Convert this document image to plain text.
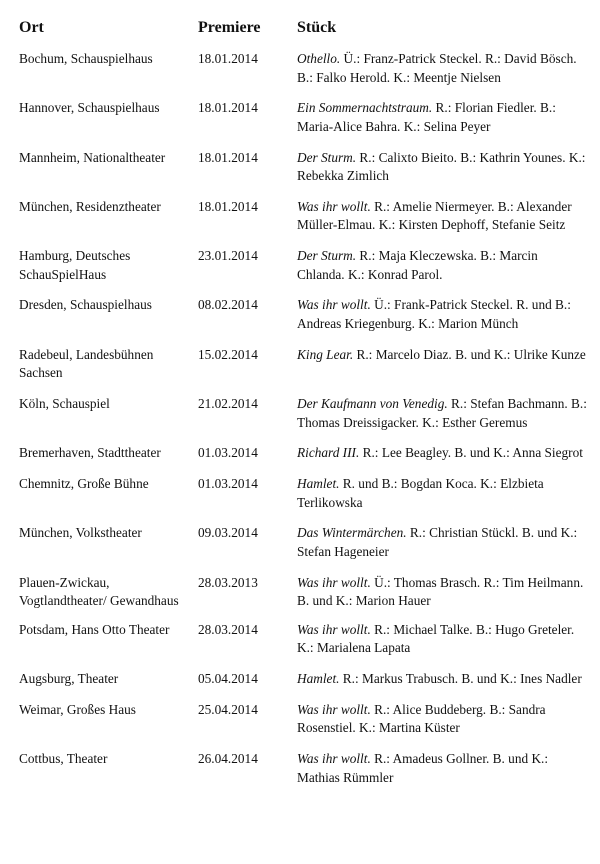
Ort	Premiere	Stück
Bochum, Schauspielhaus	18.01.2014	Othello. Ü.: Franz-Patrick Steckel. R.: David Bösch. B.: Falko Herold. K.: Meentje Nielsen
Hannover, Schauspielhaus	18.01.2014	Ein Sommernachtstraum. R.: Florian Fiedler. B.: Maria-Alice Bahra. K.: Selina Peyer
Mannheim, Nationaltheater	18.01.2014	Der Sturm. R.: Calixto Bieito. B.: Kathrin Younes. K.: Rebekka Zimlich
München, Residenztheater	18.01.2014	Was ihr wollt. R.: Amelie Niermeyer. B.: Alexander Müller-Elmau. K.: Kirsten Dephoff, Stefanie Seitz
Hamburg, Deutsches SchauSpielHaus	23.01.2014	Der Sturm. R.: Maja Kleczewska. B.: Marcin Chlanda. K.: Konrad Parol.
Dresden, Schauspielhaus	08.02.2014	Was ihr wollt. Ü.: Frank-Patrick Steckel. R. und B.: Andreas Kriegenburg. K.: Marion Münch
Radebeul, Landesbühnen Sachsen	15.02.2014	King Lear. R.: Marcelo Diaz. B. und K.: Ulrike Kunze
Köln, Schauspiel	21.02.2014	Der Kaufmann von Venedig. R.: Stefan Bachmann. B.: Thomas Dreissigacker. K.: Esther Geremus
Bremerhaven, Stadttheater	01.03.2014	Richard III. R.: Lee Beagley. B. und K.: Anna Siegrot
Chemnitz, Große Bühne	01.03.2014	Hamlet. R. und B.: Bogdan Koca. K.: Elzbieta Terlikowska
München, Volkstheater	09.03.2014	Das Wintermärchen. R.: Christian Stückl. B. und K.: Stefan Hageneier
Plauen-Zwickau, Vogtlandtheater/ Gewandhaus	28.03.2013	Was ihr wollt. Ü.: Thomas Brasch. R.: Tim Heilmann. B. und K.: Marion Hauer
Potsdam, Hans Otto Theater	28.03.2014	Was ihr wollt. R.: Michael Talke. B.: Hugo Greteler. K.: Marialena Lapata
Augsburg, Theater	05.04.2014	Hamlet. R.: Markus Trabusch. B. und K.: Ines Nadler
Weimar, Großes Haus	25.04.2014	Was ihr wollt. R.: Alice Buddeberg. B.: Sandra Rosenstiel. K.: Martina Küster
Cottbus, Theater	26.04.2014	Was ihr wollt. R.: Amadeus Gollner. B. und K.: Mathias Rümmler
